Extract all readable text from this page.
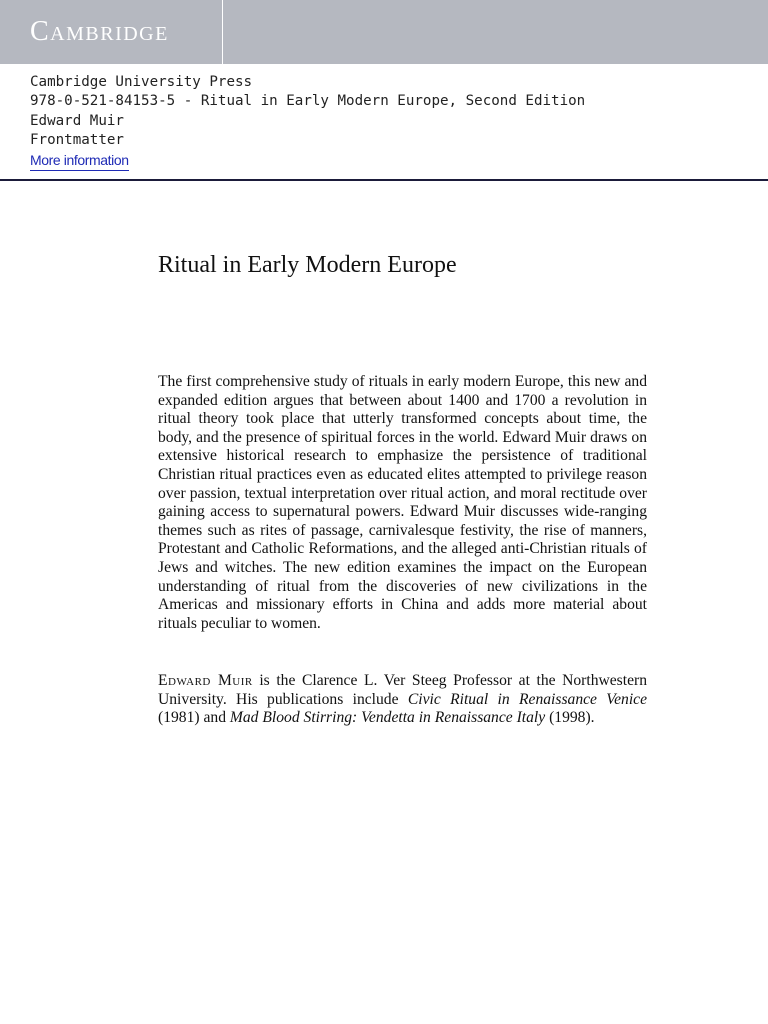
Cambridge
Cambridge University Press
978-0-521-84153-5 - Ritual in Early Modern Europe, Second Edition
Edward Muir
Frontmatter
More information
Ritual in Early Modern Europe

The first comprehensive study of rituals in early modern Europe, this new and expanded edition argues that between about 1400 and 1700 a revolution in ritual theory took place that utterly transformed concepts about time, the body, and the presence of spiritual forces in the world. Edward Muir draws on extensive historical research to emphasize the persistence of traditional Christian ritual practices even as educated elites attempted to privilege reason over passion, textual interpretation over ritual action, and moral rectitude over gaining access to supernatural powers. Edward Muir discusses wide-ranging themes such as rites of passage, carnivalesque festivity, the rise of manners, Protestant and Catholic Reformations, and the alleged anti-Christian rituals of Jews and witches. The new edition examines the impact on the European understanding of ritual from the discoveries of new civilizations in the Americas and missionary efforts in China and adds more material about rituals peculiar to women.

Edward Muir is the Clarence L. Ver Steeg Professor at the Northwestern University. His publications include Civic Ritual in Renaissance Venice (1981) and Mad Blood Stirring: Vendetta in Renaissance Italy (1998).
